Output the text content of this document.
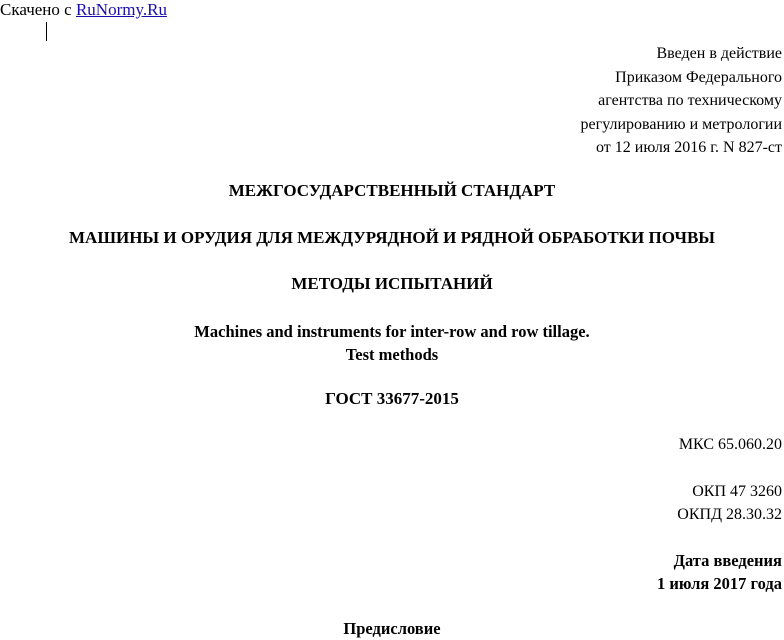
Скачено с RuNormy.Ru
Введен в действие
Приказом Федерального
агентства по техническому
регулированию и метрологии
от 12 июля 2016 г. N 827-ст
МЕЖГОСУДАРСТВЕННЫЙ СТАНДАРТ
МАШИНЫ И ОРУДИЯ ДЛЯ МЕЖДУРЯДНОЙ И РЯДНОЙ ОБРАБОТКИ ПОЧВЫ
МЕТОДЫ ИСПЫТАНИЙ
Machines and instruments for inter-row and row tillage.
Test methods
ГОСТ 33677-2015
МКС 65.060.20
ОКП 47 3260
ОКПД 28.30.32
Дата введения
1 июля 2017 года
Предисловие
